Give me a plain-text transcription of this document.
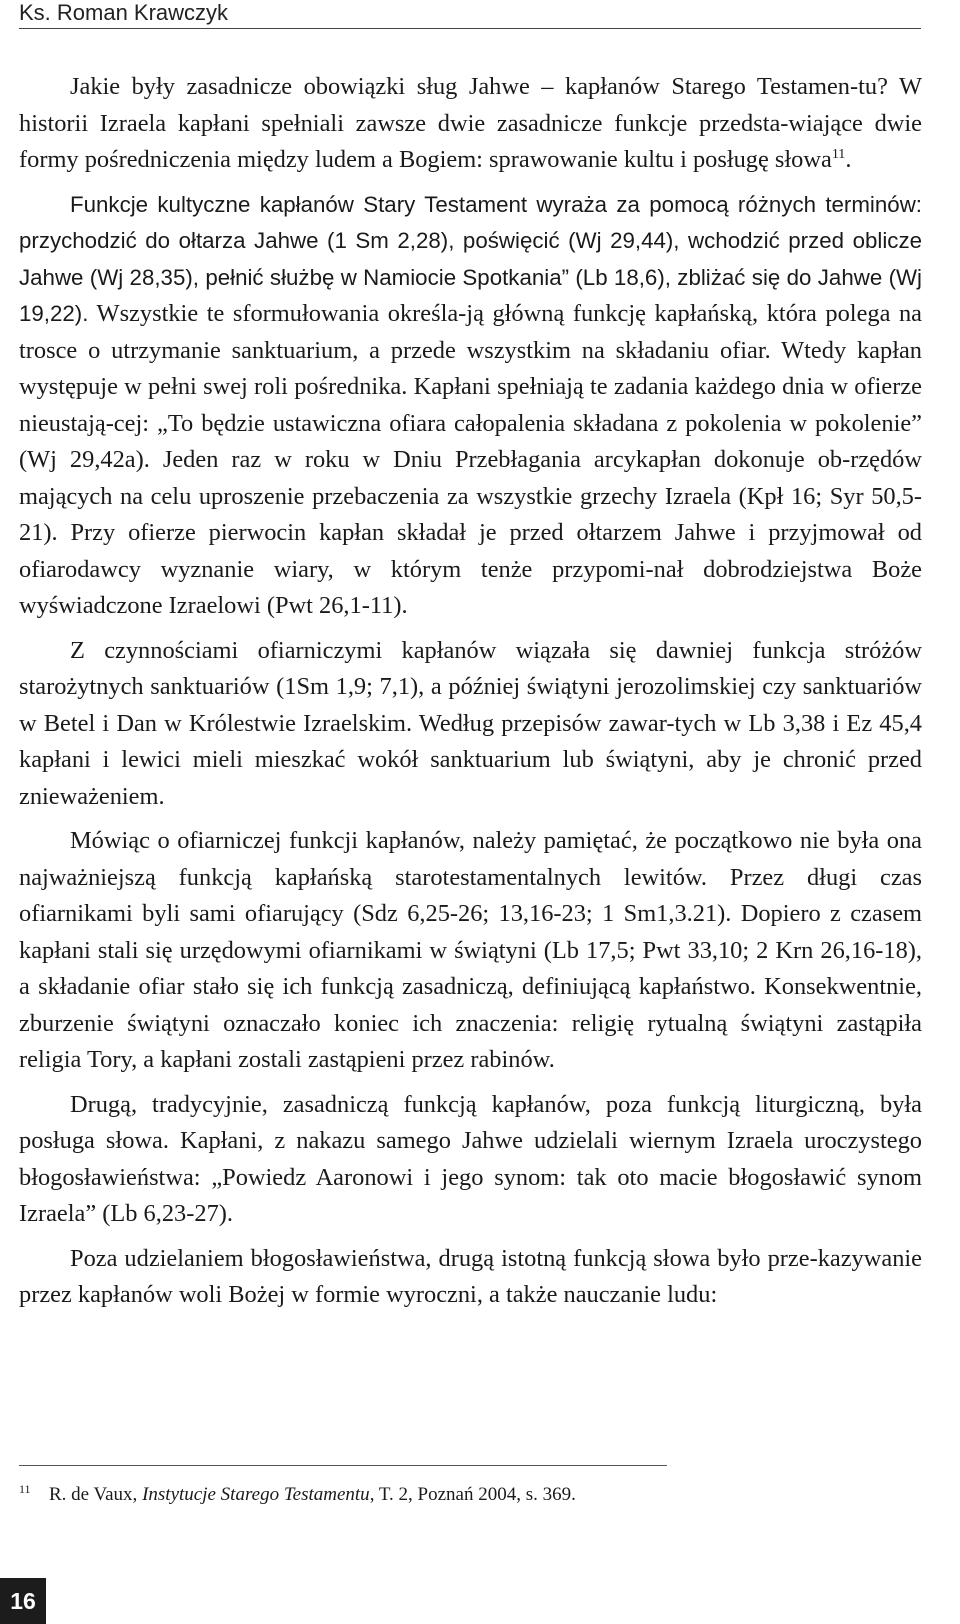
Ks. Roman Krawczyk

Jakie były zasadnicze obowiązki sług Jahwe – kapłanów Starego Testamen-tu? W historii Izraela kapłani spełniali zawsze dwie zasadnicze funkcje przedsta-wiające dwie formy pośredniczenia między ludem a Bogiem: sprawowanie kultu i posługę słowa$^{11}$.

Funkcje kultyczne kapłanów Stary Testament wyraża za pomocą różnych terminów: przychodzić do ołtarza Jahwe (1 Sm 2,28), poświęcić (Wj 29,44), wchodzić przed oblicze Jahwe (Wj 28,35), pełnić służbę w Namiocie Spotkania” (Lb 18,6), zbliżać się do Jahwe (Wj 19,22). Wszystkie te sformułowania określa-ją główną funkcję kapłańską, która polega na trosce o utrzymanie sanktuarium, a przede wszystkim na składaniu ofiar. Wtedy kapłan występuje w pełni swej roli pośrednika. Kapłani spełniają te zadania każdego dnia w ofierze nieustają-cej: „To będzie ustawiczna ofiara całopalenia składana z pokolenia w pokolenie” (Wj 29,42a). Jeden raz w roku w Dniu Przebłagania arcykapłan dokonuje ob-rzędów mających na celu uproszenie przebaczenia za wszystkie grzechy Izraela (Kpł 16; Syr 50,5-21). Przy ofierze pierwocin kapłan składał je przed ołtarzem Jahwe i przyjmował od ofiarodawcy wyznanie wiary, w którym tenże przypomi-nał dobrodziejstwa Boże wyświadczone Izraelowi (Pwt 26,1-11).

Z czynnościami ofiarniczymi kapłanów wiązała się dawniej funkcja stróżów starożytnych sanktuariów (1Sm 1,9; 7,1), a później świątyni jerozolimskiej czy sanktuariów w Betel i Dan w Królestwie Izraelskim. Według przepisów zawar-tych w Lb 3,38 i Ez 45,4 kapłani i lewici mieli mieszkać wokół sanktuarium lub świątyni, aby je chronić przed znieważeniem.

Mówiąc o ofiarniczej funkcji kapłanów, należy pamiętać, że początkowo nie była ona najważniejszą funkcją kapłańską starotestamentalnych lewitów. Przez długi czas ofiarnikami byli sami ofiarujący (Sdz 6,25-26; 13,16-23; 1 Sm1,3.21). Dopiero z czasem kapłani stali się urzędowymi ofiarnikami w świątyni (Lb 17,5; Pwt 33,10; 2 Krn 26,16-18), a składanie ofiar stało się ich funkcją zasadniczą, definiującą kapłaństwo. Konsekwentnie, zburzenie świątyni oznaczało koniec ich znaczenia: religię rytualną świątyni zastąpiła religia Tory, a kapłani zostali zastąpieni przez rabinów.

Drugą, tradycyjnie, zasadniczą funkcją kapłanów, poza funkcją liturgiczną, była posługa słowa. Kapłani, z nakazu samego Jahwe udzielali wiernym Izraela uroczystego błogosławieństwa: „Powiedz Aaronowi i jego synom: tak oto macie błogosławić synom Izraela” (Lb 6,23-27).

Poza udzielaniem błogosławieństwa, drugą istotną funkcją słowa było prze-kazywanie przez kapłanów woli Bożej w formie wyroczni, a także nauczanie ludu:

$^{11}$ R. de Vaux, Instytucje Starego Testamentu, T. 2, Poznań 2004, s. 369.
16
